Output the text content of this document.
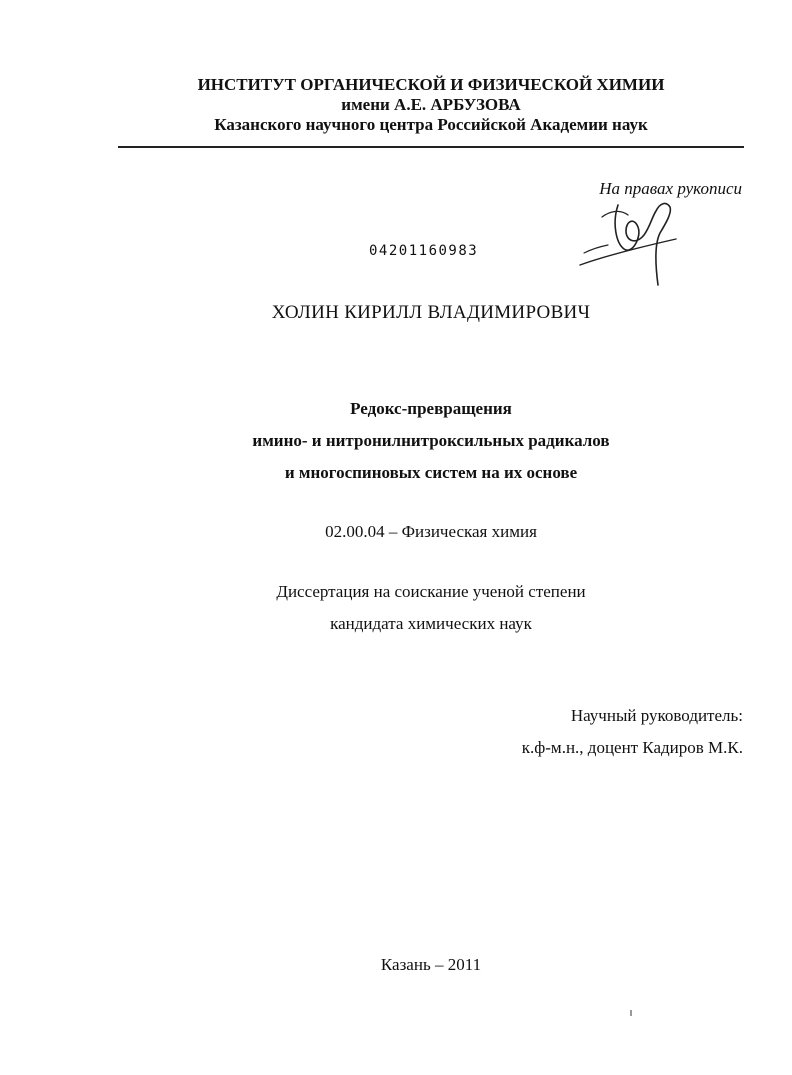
ИНСТИТУТ ОРГАНИЧЕСКОЙ И ФИЗИЧЕСКОЙ ХИМИИ
имени А.Е. АРБУЗОВА
Казанского научного центра Российской Академии наук
На правах рукописи
04201160983
ХОЛИН КИРИЛЛ ВЛАДИМИРОВИЧ
Редокс-превращения
имино- и нитронилнитроксильных радикалов
и многоспиновых систем на их основе
02.00.04 – Физическая химия
Диссертация на соискание ученой степени
кандидата химических наук
Научный руководитель:
к.ф-м.н., доцент Кадиров М.К.
Казань – 2011
